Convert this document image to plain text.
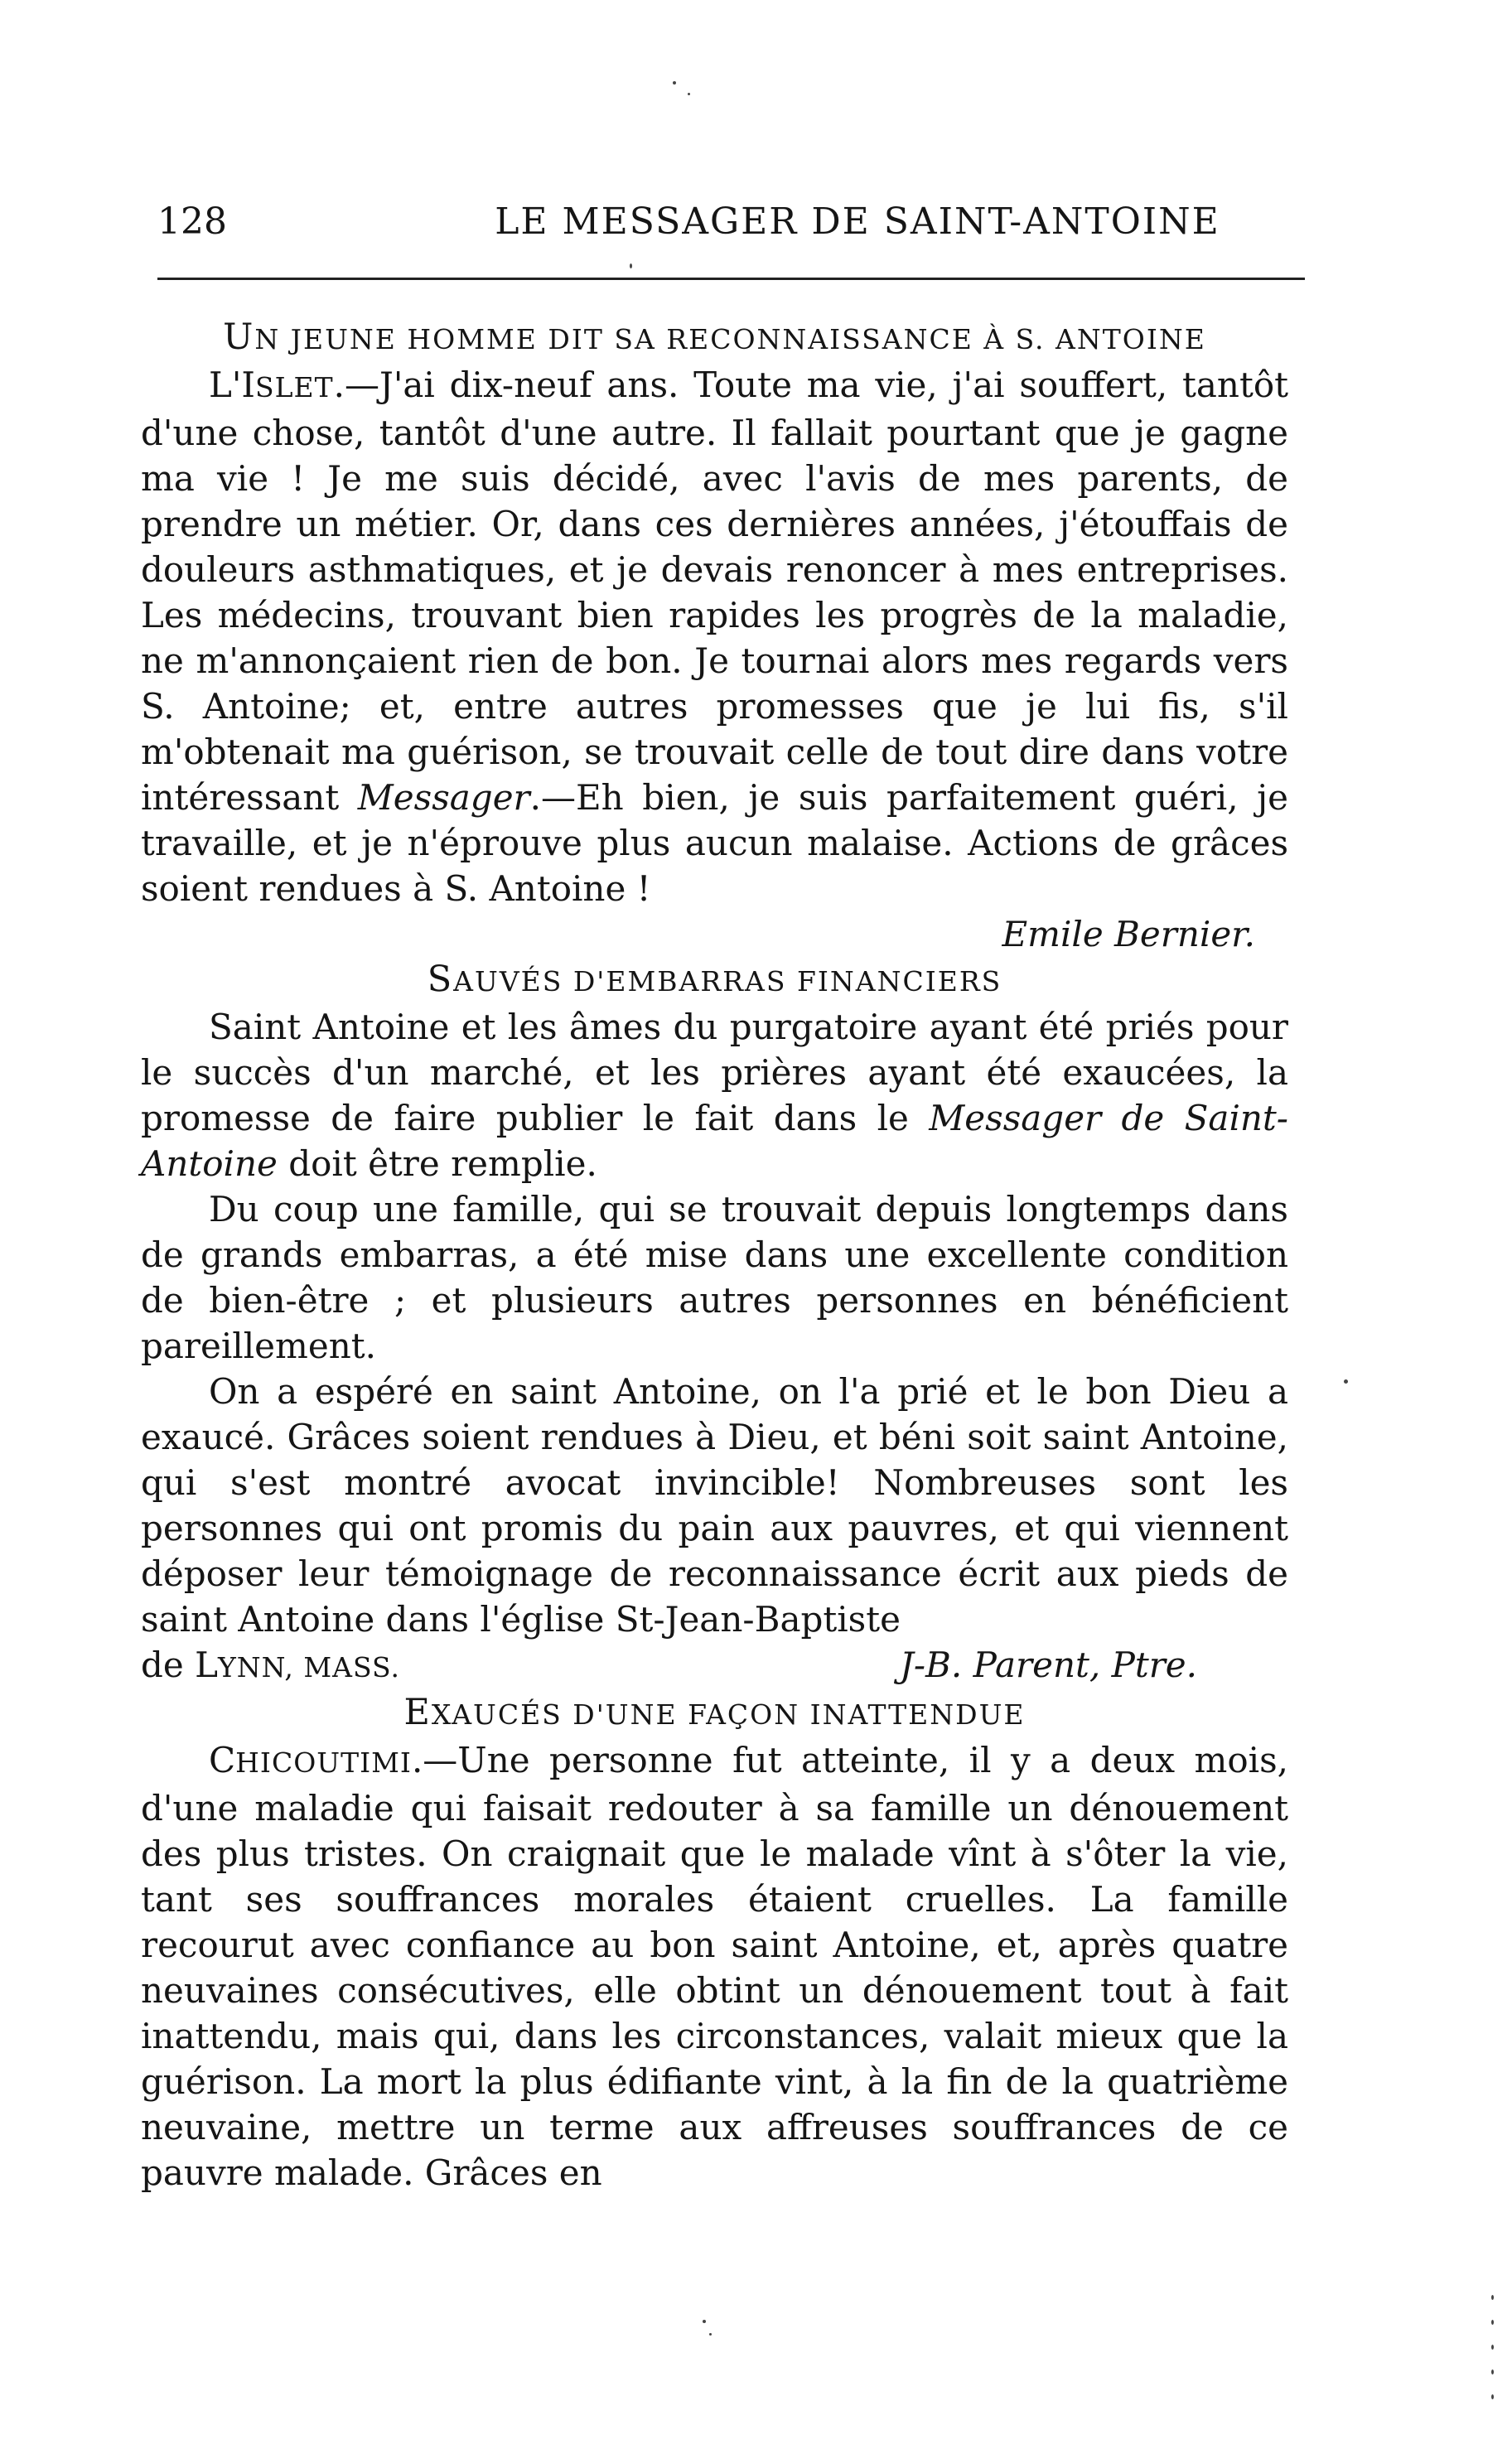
128	LE MESSAGER DE SAINT-ANTOINE

UN JEUNE HOMME DIT SA RECONNAISSANCE À S. ANTOINE

L'ISLET.—J'ai dix-neuf ans. Toute ma vie, j'ai souffert, tantôt d'une chose, tantôt d'une autre. Il fallait pourtant que je gagne ma vie ! Je me suis décidé, avec l'avis de mes parents, de prendre un métier. Or, dans ces dernières années, j'étouffais de douleurs asthmatiques, et je devais renoncer à mes entreprises. Les médecins, trouvant bien rapides les progrès de la maladie, ne m'annonçaient rien de bon. Je tournai alors mes regards vers S. Antoine; et, entre autres promesses que je lui fis, s'il m'obtenait ma guérison, se trouvait celle de tout dire dans votre intéressant Messager.—Eh bien, je suis parfaitement guéri, je travaille, et je n'éprouve plus aucun malaise. Actions de grâces soient rendues à S. Antoine !

Emile Bernier.

SAUVÉS D'EMBARRAS FINANCIERS

Saint Antoine et les âmes du purgatoire ayant été priés pour le succès d'un marché, et les prières ayant été exaucées, la promesse de faire publier le fait dans le Messager de Saint-Antoine doit être remplie.

Du coup une famille, qui se trouvait depuis longtemps dans de grands embarras, a été mise dans une excellente condition de bien-être ; et plusieurs autres personnes en bénéficient pareillement.

On a espéré en saint Antoine, on l'a prié et le bon Dieu a exaucé. Grâces soient rendues à Dieu, et béni soit saint Antoine, qui s'est montré avocat invincible! Nombreuses sont les personnes qui ont promis du pain aux pauvres, et qui viennent déposer leur témoignage de reconnaissance écrit aux pieds de saint Antoine dans l'église St-Jean-Baptiste

de LYNN, MASS.	J-B. Parent, Ptre.

EXAUCÉS D'UNE FAÇON INATTENDUE

CHICOUTIMI.—Une personne fut atteinte, il y a deux mois, d'une maladie qui faisait redouter à sa famille un dénouement des plus tristes. On craignait que le malade vînt à s'ôter la vie, tant ses souffrances morales étaient cruelles. La famille recourut avec confiance au bon saint Antoine, et, après quatre neuvaines consécutives, elle obtint un dénouement tout à fait inattendu, mais qui, dans les circonstances, valait mieux que la guérison. La mort la plus édifiante vint, à la fin de la quatrième neuvaine, mettre un terme aux affreuses souffrances de ce pauvre malade. Grâces en
